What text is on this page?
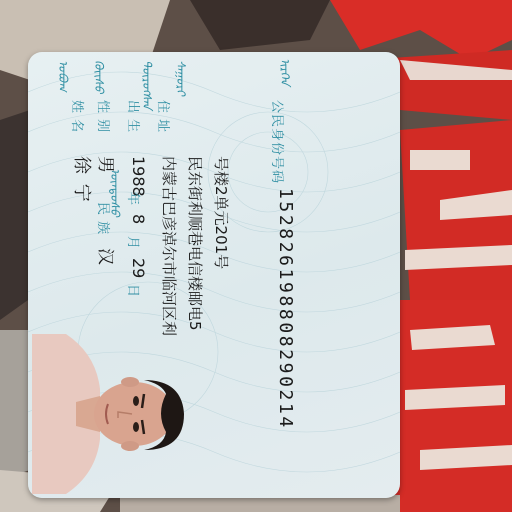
ᠣᠪᠣᠭ	ᠬᠦᠢᠰᠦ	ᠲᠥᠷᠦᠭᠰᠡᠨ	ᠰᠠᠭᠤᠷᠢ	ᠢᠷᠭᠡᠨ
ᠦᠨᠳᠦᠰᠦ
姓 名
徐 宁
性 别
男
民 族
汉
出 生
1988
年
8
月
29
日
住 址
内蒙古巴彦淖尔市临河区利 民东街利顺巷电信楼邮电5 号楼2单元201号
公民身份号码
152826198808290214
